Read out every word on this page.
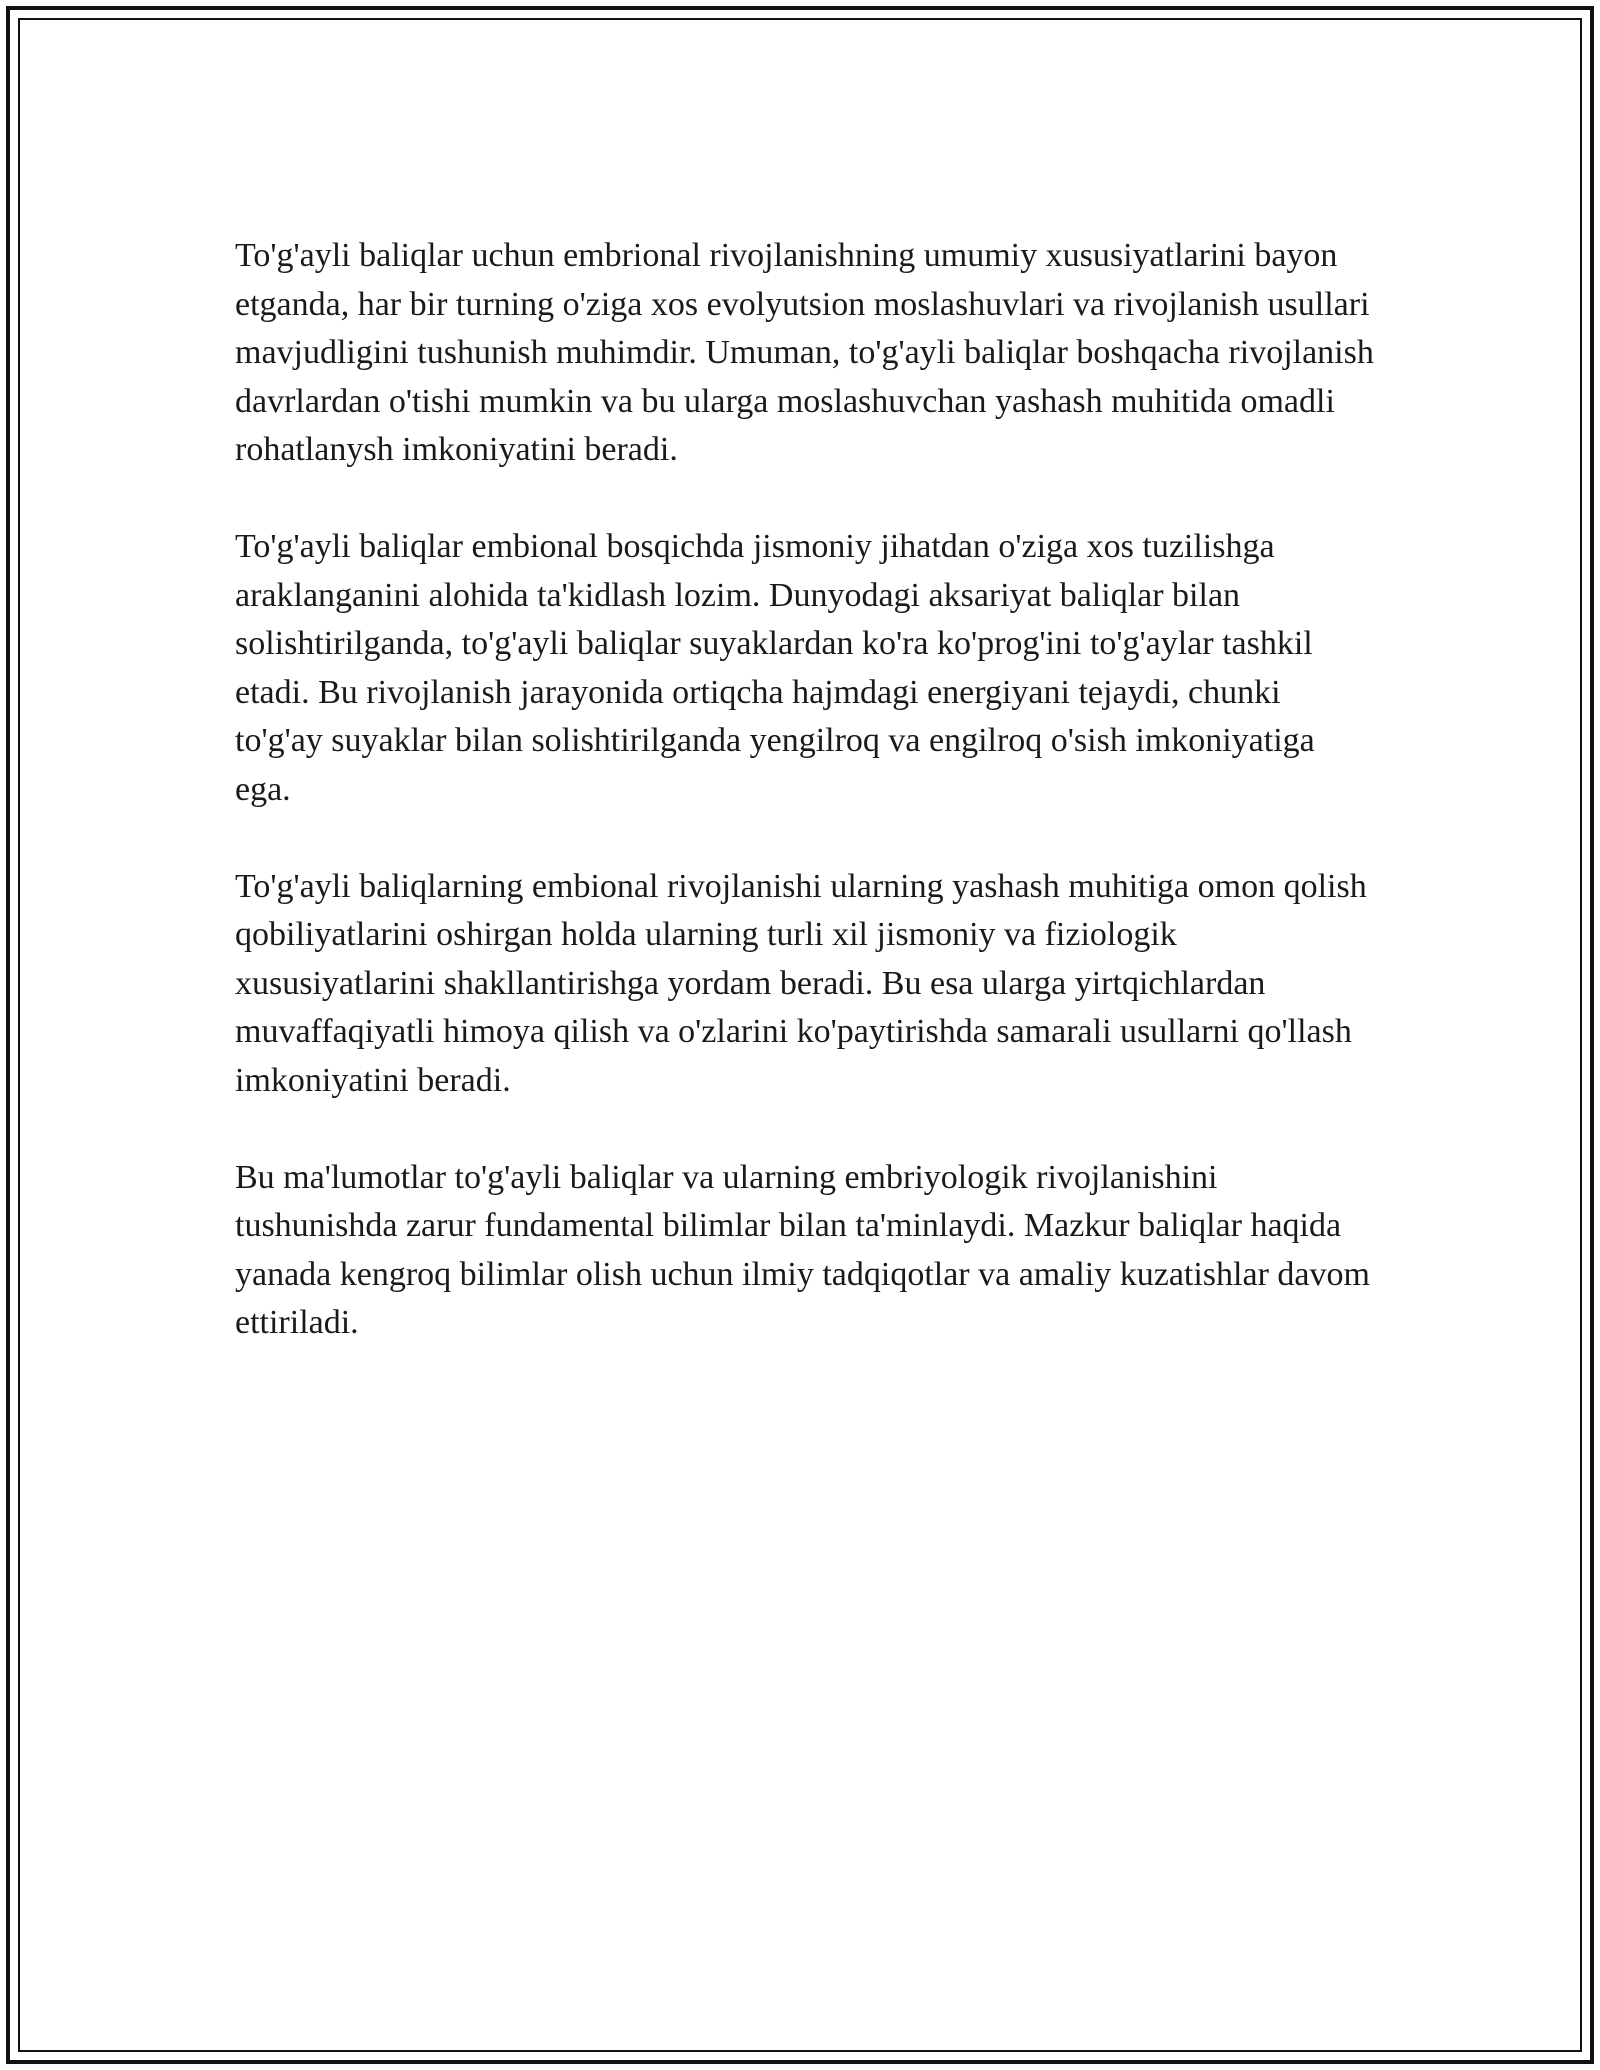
To'g'ayli baliqlar uchun embrional rivojlanishning umumiy xususiyatlarini bayon etganda, har bir turning o'ziga xos evolyutsion moslashuvlari va rivojlanish usullari mavjudligini tushunish muhimdir. Umuman, to'g'ayli baliqlar boshqacha rivojlanish davrlardan o'tishi mumkin va bu ularga moslashuvchan yashash muhitida omadli rohatlanysh imkoniyatini beradi.

To'g'ayli baliqlar embional bosqichda jismoniy jihatdan o'ziga xos tuzilishga araklanganini alohida ta'kidlash lozim. Dunyodagi aksariyat baliqlar bilan solishtirilganda, to'g'ayli baliqlar suyaklardan ko'ra ko'prog'ini to'g'aylar tashkil etadi. Bu rivojlanish jarayonida ortiqcha hajmdagi energiyani tejaydi, chunki to'g'ay suyaklar bilan solishtirilganda yengilroq va engilroq o'sish imkoniyatiga ega.

To'g'ayli baliqlarning embional rivojlanishi ularning yashash muhitiga omon qolish qobiliyatlarini oshirgan holda ularning turli xil jismoniy va fiziologik xususiyatlarini shakllantirishga yordam beradi. Bu esa ularga yirtqichlardan muvaffaqiyatli himoya qilish va o'zlarini ko'paytirishda samarali usullarni qo'llash imkoniyatini beradi.

Bu ma'lumotlar to'g'ayli baliqlar va ularning embriyologik rivojlanishini tushunishda zarur fundamental bilimlar bilan ta'minlaydi. Mazkur baliqlar haqida yanada kengroq bilimlar olish uchun ilmiy tadqiqotlar va amaliy kuzatishlar davom ettiriladi.
